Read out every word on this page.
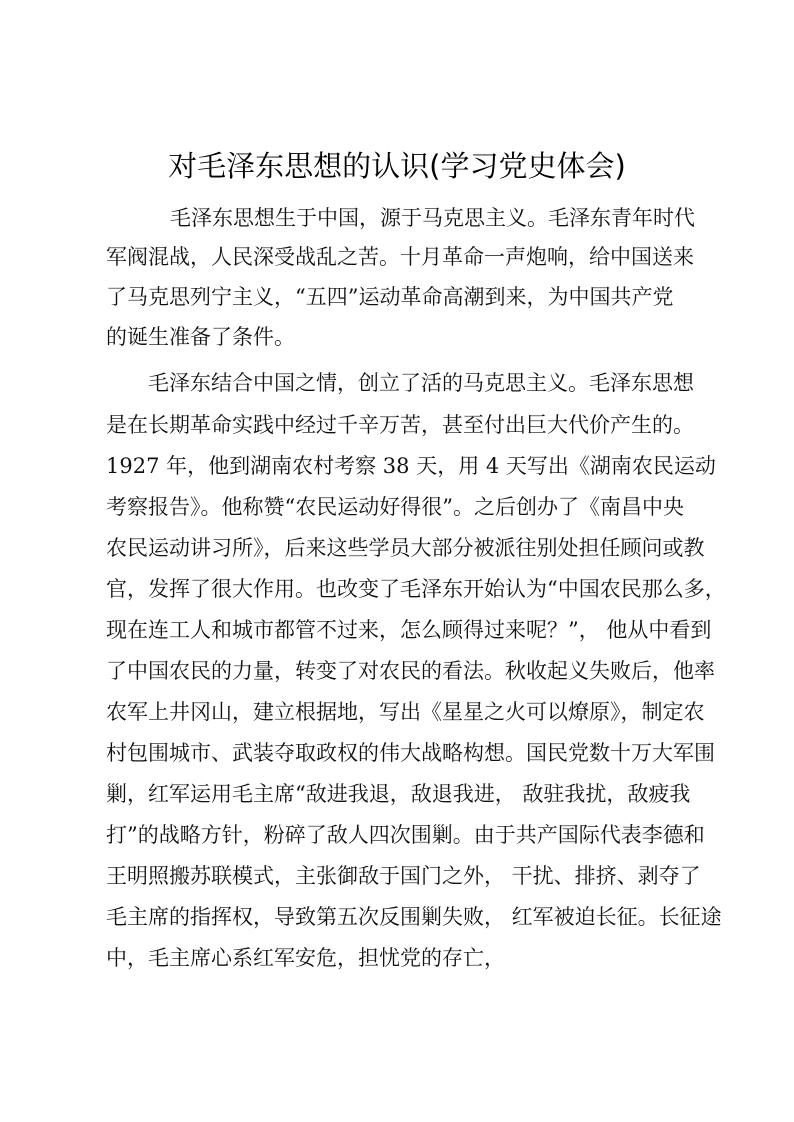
对毛泽东思想的认识(学习党史体会)
毛泽东思想生于中国，源于马克思主义。毛泽东青年时代
军阀混战，人民深受战乱之苦。十月革命一声炮响，给中国送来
了马克思列宁主义，“五四”运动革命高潮到来，为中国共产党
的诞生准备了条件。
毛泽东结合中国之情，创立了活的马克思主义。毛泽东思想
是在长期革命实践中经过千辛万苦，甚至付出巨大代价产生的。
1927 年，他到湖南农村考察 38 天，用 4 天写出《湖南农民运动
考察报告》。他称赞“农民运动好得很”。之后创办了《南昌中央
农民运动讲习所》，后来这些学员大部分被派往别处担任顾问或教
官，发挥了很大作用。也改变了毛泽东开始认为“中国农民那么多，
现在连工人和城市都管不过来，怎么顾得过来呢？”， 他从中看到
了中国农民的力量，转变了对农民的看法。秋收起义失败后，他率
农军上井冈山，建立根据地，写出《星星之火可以燎原》，制定农
村包围城市、武装夺取政权的伟大战略构想。国民党数十万大军围
剿，红军运用毛主席“敌进我退，敌退我进， 敌驻我扰，敌疲我
打”的战略方针，粉碎了敌人四次围剿。由于共产国际代表李德和
王明照搬苏联模式，主张御敌于国门之外， 干扰、排挤、剥夺了
毛主席的指挥权，导致第五次反围剿失败， 红军被迫长征。长征途
中，毛主席心系红军安危，担忧党的存亡，
